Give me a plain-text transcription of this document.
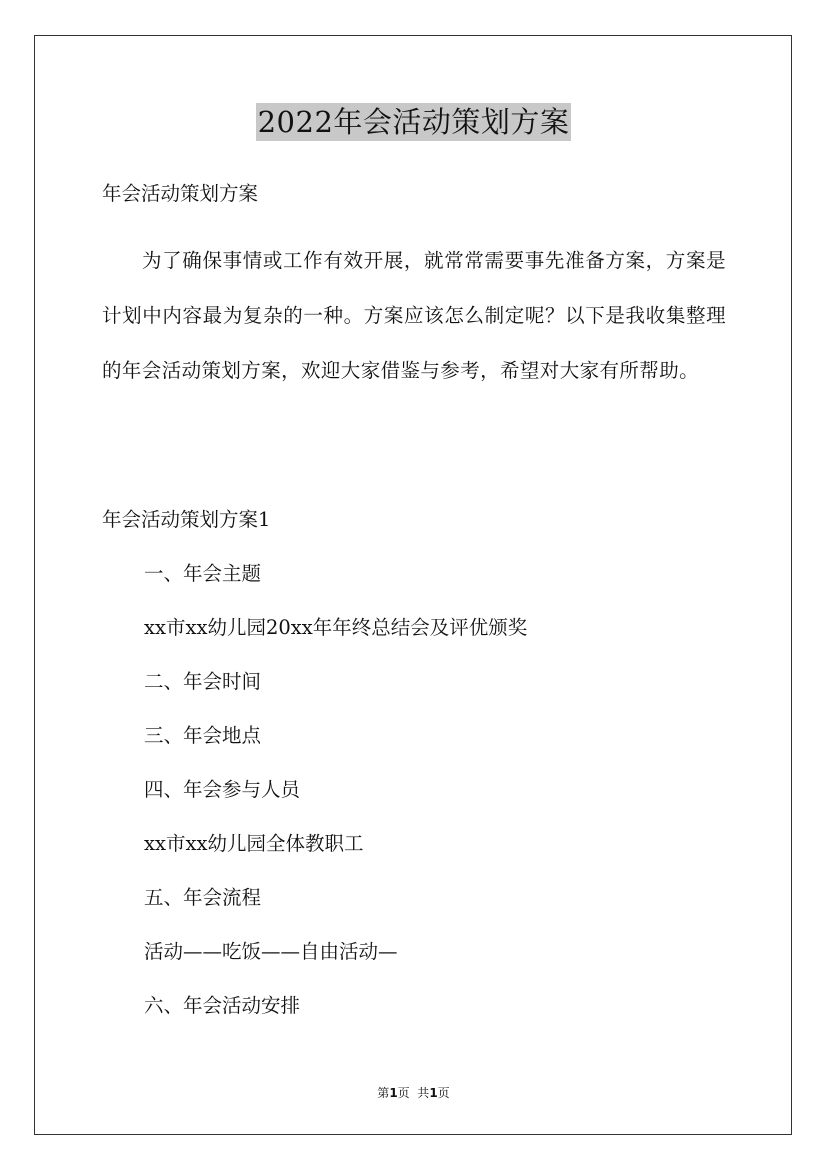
2022年会活动策划方案

年会活动策划方案

为了确保事情或工作有效开展，就常常需要事先准备方案，方案是计划中内容最为复杂的一种。方案应该怎么制定呢？以下是我收集整理的年会活动策划方案，欢迎大家借鉴与参考，希望对大家有所帮助。

年会活动策划方案1

一、年会主题

xx市xx幼儿园20xx年年终总结会及评优颁奖

二、年会时间

三、年会地点

四、年会参与人员

xx市xx幼儿园全体教职工

五、年会流程

活动——吃饭——自由活动—

六、年会活动安排

第1页  共1页
